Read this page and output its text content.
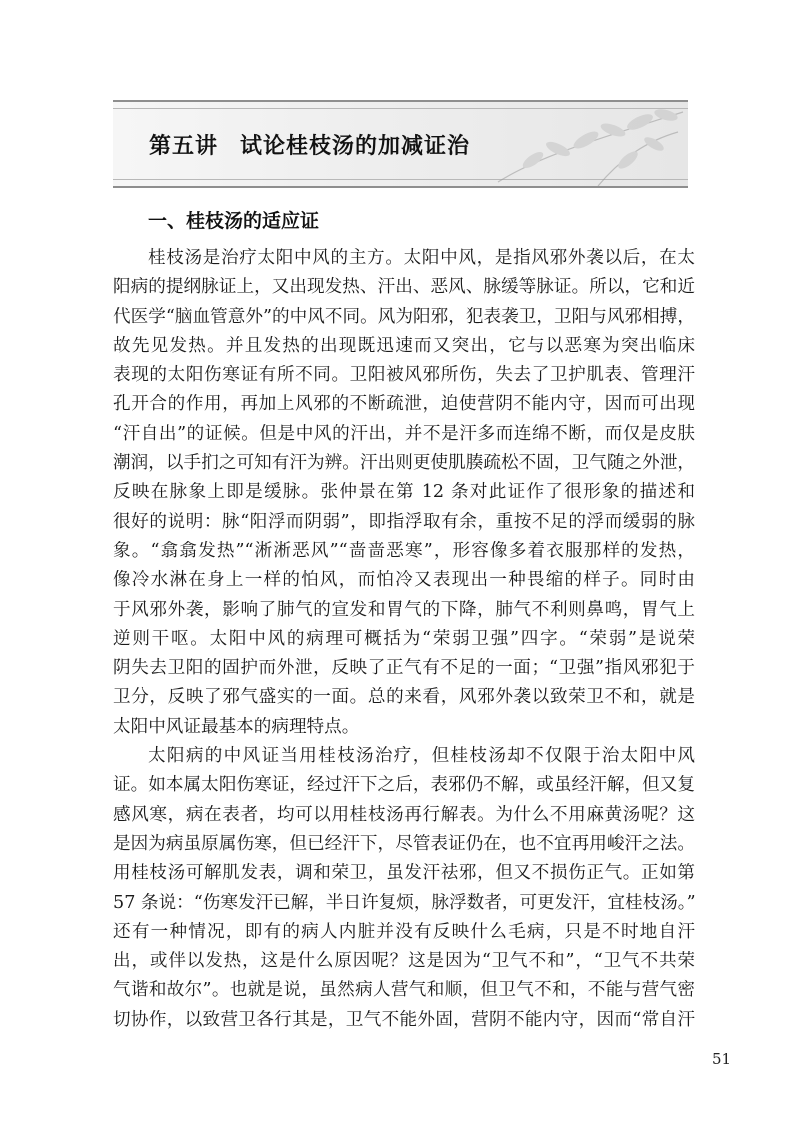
第五讲 试论桂枝汤的加减证治
一、桂枝汤的适应证
桂枝汤是治疗太阳中风的主方。太阳中风，是指风邪外袭以后，在太
阳病的提纲脉证上，又出现发热、汗出、恶风、脉缓等脉证。所以，它和近
代医学“脑血管意外”的中风不同。风为阳邪，犯表袭卫，卫阳与风邪相搏，
故先见发热。并且发热的出现既迅速而又突出，它与以恶寒为突出临床
表现的太阳伤寒证有所不同。卫阳被风邪所伤，失去了卫护肌表、管理汗
孔开合的作用，再加上风邪的不断疏泄，迫使营阴不能内守，因而可出现
“汗自出”的证候。但是中风的汗出，并不是汗多而连绵不断，而仅是皮肤
潮润，以手扪之可知有汗为辨。汗出则更使肌腠疏松不固，卫气随之外泄，
反映在脉象上即是缓脉。张仲景在第 12 条对此证作了很形象的描述和
很好的说明：脉“阳浮而阴弱”，即指浮取有余，重按不足的浮而缓弱的脉
象。“翕翕发热”“淅淅恶风”“啬啬恶寒”，形容像多着衣服那样的发热，
像冷水淋在身上一样的怕风，而怕冷又表现出一种畏缩的样子。同时由
于风邪外袭，影响了肺气的宣发和胃气的下降，肺气不利则鼻鸣，胃气上
逆则干呕。太阳中风的病理可概括为“荣弱卫强”四字。“荣弱”是说荣
阴失去卫阳的固护而外泄，反映了正气有不足的一面；“卫强”指风邪犯于
卫分，反映了邪气盛实的一面。总的来看，风邪外袭以致荣卫不和，就是
太阳中风证最基本的病理特点。
太阳病的中风证当用桂枝汤治疗，但桂枝汤却不仅限于治太阳中风
证。如本属太阳伤寒证，经过汗下之后，表邪仍不解，或虽经汗解，但又复
感风寒，病在表者，均可以用桂枝汤再行解表。为什么不用麻黄汤呢？这
是因为病虽原属伤寒，但已经汗下，尽管表证仍在，也不宜再用峻汗之法。
用桂枝汤可解肌发表，调和荣卫，虽发汗祛邪，但又不损伤正气。正如第
57 条说：“伤寒发汗已解，半日许复烦，脉浮数者，可更发汗，宜桂枝汤。”
还有一种情况，即有的病人内脏并没有反映什么毛病，只是不时地自汗
出，或伴以发热，这是什么原因呢？这是因为“卫气不和”，“卫气不共荣
气谐和故尔”。也就是说，虽然病人营气和顺，但卫气不和，不能与营气密
切协作，以致营卫各行其是，卫气不能外固，营阴不能内守，因而“常自汗
51
